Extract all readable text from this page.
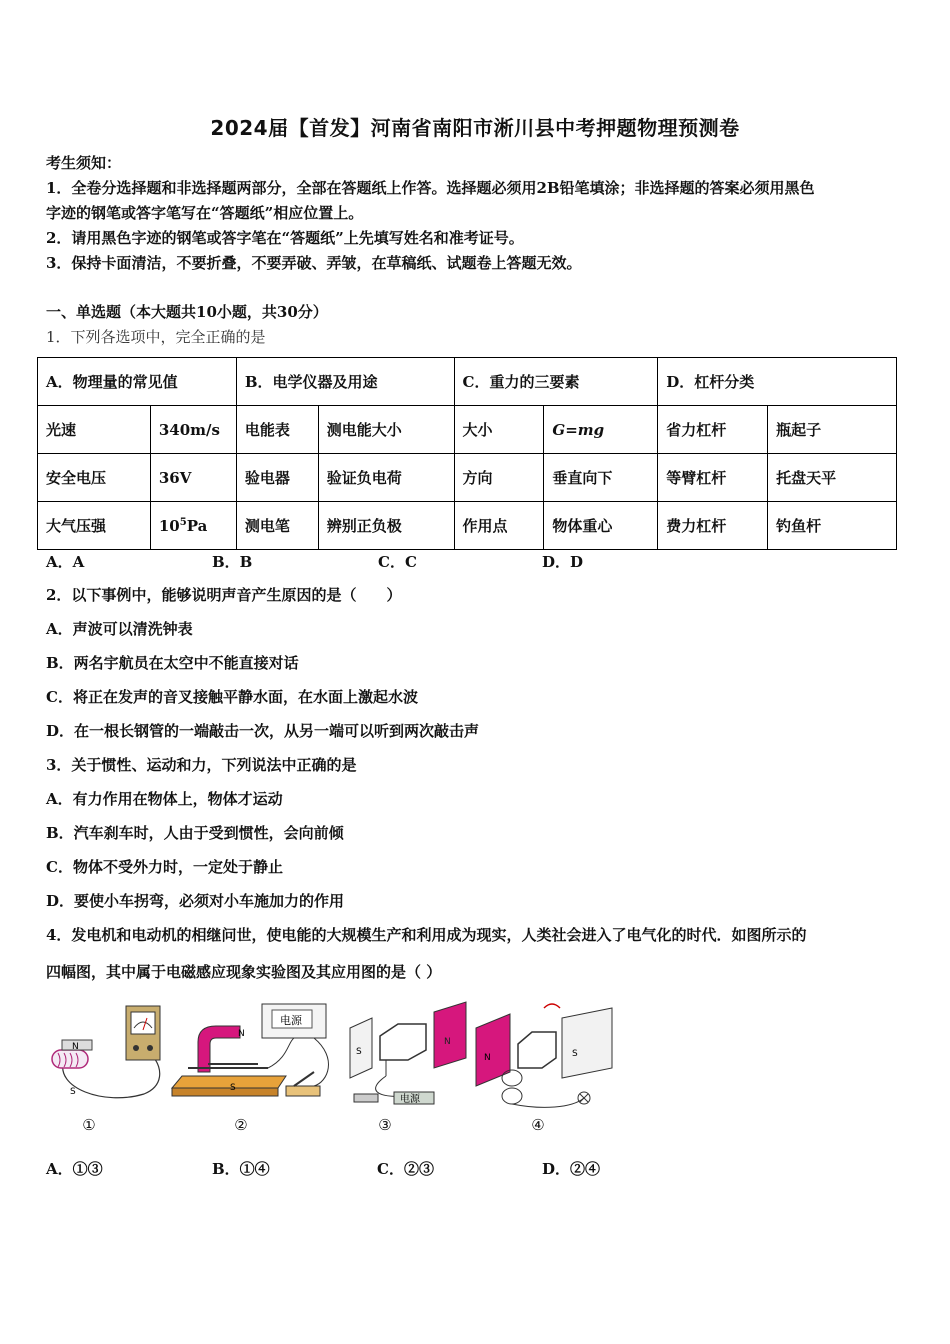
2024届【首发】河南省南阳市淅川县中考押题物理预测卷
考生须知：
1．全卷分选择题和非选择题两部分，全部在答题纸上作答。选择题必须用2B铅笔填涂；非选择题的答案必须用黑色
字迹的钢笔或答字笔写在“答题纸”相应位置上。
2．请用黑色字迹的钢笔或答字笔在“答题纸”上先填写姓名和准考证号。
3．保持卡面清洁，不要折叠，不要弄破、弄皱，在草稿纸、试题卷上答题无效。
一、单选题（本大题共10小题，共30分）
1．下列各选项中，完全正确的是
A．物理量的常见值		B．电学仪器及用途		C．重力的三要素		D．杠杆分类	
光速	340m/s	电能表	测电能大小	大小	G=mg	省力杠杆	瓶起子
安全电压	36V	验电器	验证负电荷	方向	垂直向下	等臂杠杆	托盘天平
大气压强	$10^5Pa$	测电笔	辨别正负极	作用点	物体重心	费力杠杆	钓鱼杆
A．A	B．B	C．C	D．D
2．以下事例中，能够说明声音产生原因的是（　　）
A．声波可以清洗钟表
B．两名宇航员在太空中不能直接对话
C．将正在发声的音叉接触平静水面，在水面上激起水波
D．在一根长钢管的一端敲击一次，从另一端可以听到两次敲击声
3．关于惯性、运动和力，下列说法中正确的是
A．有力作用在物体上，物体才运动
B．汽车刹车时，人由于受到惯性，会向前倾
C．物体不受外力时，一定处于静止
D．要使小车拐弯，必须对小车施加力的作用
4．发电机和电动机的相继问世，使电能的大规模生产和利用成为现实，人类社会进入了电气化的时代．如图所示的
四幅图，其中属于电磁感应现象实验图及其应用图的是（ ）
N
S
电源
N
S
S
N
电源
N	S
①	②	③	④
A．①③	B．①④	C．②③	D．②④
